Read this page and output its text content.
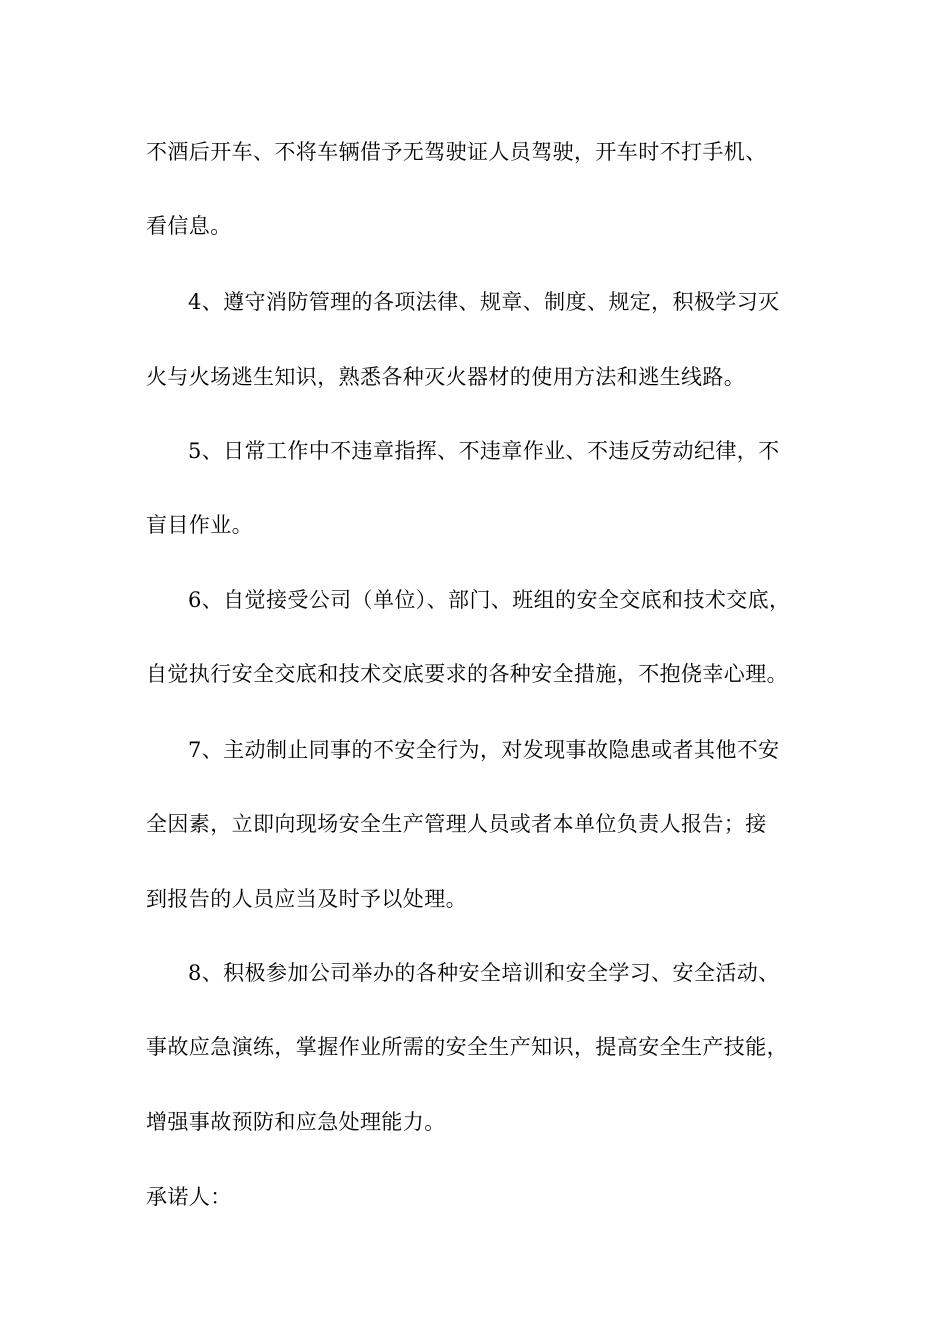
不酒后开车、不将车辆借予无驾驶证人员驾驶，开车时不打手机、
看信息。
4、遵守消防管理的各项法律、规章、制度、规定，积极学习灭
火与火场逃生知识，熟悉各种灭火器材的使用方法和逃生线路。
5、日常工作中不违章指挥、不违章作业、不违反劳动纪律，不
盲目作业。
6、自觉接受公司（单位）、部门、班组的安全交底和技术交底，
自觉执行安全交底和技术交底要求的各种安全措施，不抱侥幸心理。
7、主动制止同事的不安全行为，对发现事故隐患或者其他不安
全因素，立即向现场安全生产管理人员或者本单位负责人报告；接
到报告的人员应当及时予以处理。
8、积极参加公司举办的各种安全培训和安全学习、安全活动、
事故应急演练，掌握作业所需的安全生产知识，提高安全生产技能，
增强事故预防和应急处理能力。
承诺人：
